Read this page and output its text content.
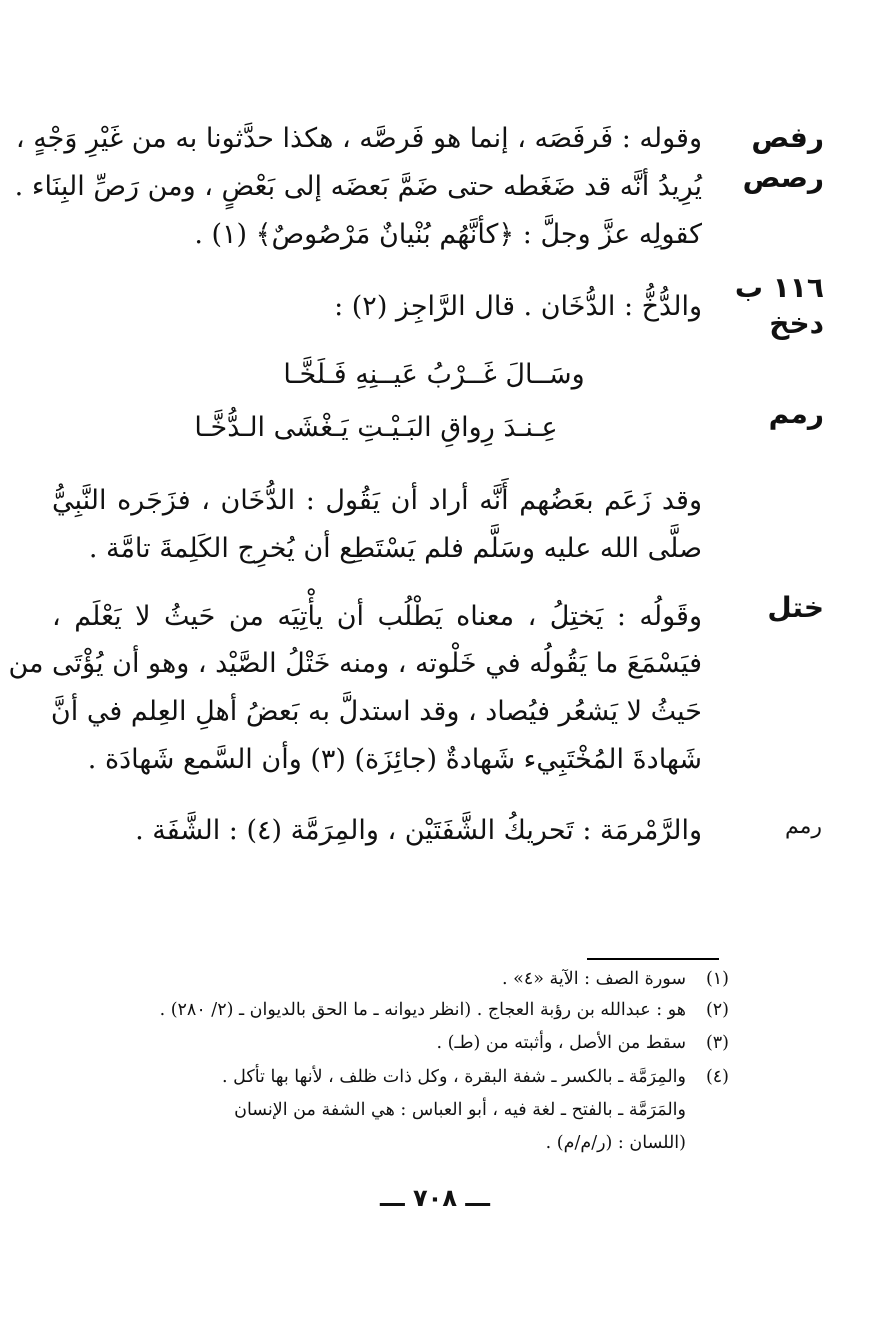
رفص
رصص
١١٦ ب
دخخ
رمم
ختل
رمم
وقوله : فَرفَصَه ، إنما هو فَرصَّه ، هكذا حدَّثونا به من غَيْرِ وَجْهٍ ،
يُرِيدُ أنَّه قد ضَغَطه حتى ضَمَّ بَعضَه إلى بَعْضٍ ، ومن رَصِّ البِنَاء .
كقولِه عزَّ وجلَّ : ﴿كأنَّهُم بُنْيانٌ مَرْصُوصٌ﴾ (١) .
والدُّخُّ : الدُّخَان . قال الرَّاجِز (٢) :
وسَــالَ غَــرْبُ عَيــنِهِ فَـلَخَّـا
عِـنـدَ رِواقِ البَـيْـتِ يَـغْشَى الـدُّخَّـا
وقد زَعَم بعَضُهم أَنَّه أراد أن يَقُول : الدُّخَان ، فزَجَره النَّبِيُّ
صلَّى الله عليه وسَلَّم فلم يَسْتَطِع أن يُخرِج الكَلِمةَ تامَّة .
وقَولُه : يَختِلُ ، معناه يَطْلُب أن يأْتِيَه من حَيثُ لا يَعْلَم ،
فيَسْمَعَ ما يَقُولُه في خَلْوته ، ومنه خَتْلُ الصَّيْد ، وهو أن يُؤْتَى من
حَيثُ لا يَشعُر فيُصاد ، وقد استدلَّ به بَعضُ أهلِ العِلم في أنَّ
شَهادةَ المُخْتَبِيء شَهادةٌ (جائِزَة) (٣) وأن السَّمع شَهادَة .
والرَّمْرمَة : تَحريكُ الشَّفَتَيْن ، والمِرَمَّة (٤) : الشَّفَة .
(١)
سورة الصف : الآية «٤» .
(٢)
هو : عبدالله بن رؤبة العجاج . (انظر ديوانه ـ ما الحق بالديوان ـ (٢/ ٢٨٠) .
(٣)
سقط من الأصل ، وأثبته من (طـ) .
(٤)
والمِرَمَّة ـ بالكسر ـ شفة البقرة ، وكل ذات ظلف ، لأنها بها تأكل .
والمَرَمَّة ـ بالفتح ـ لغة فيه ، أبو العباس : هي الشفة من الإنسان
(اللسان : (ر/م/م) .
ـــ ٧٠٨ ـــ
